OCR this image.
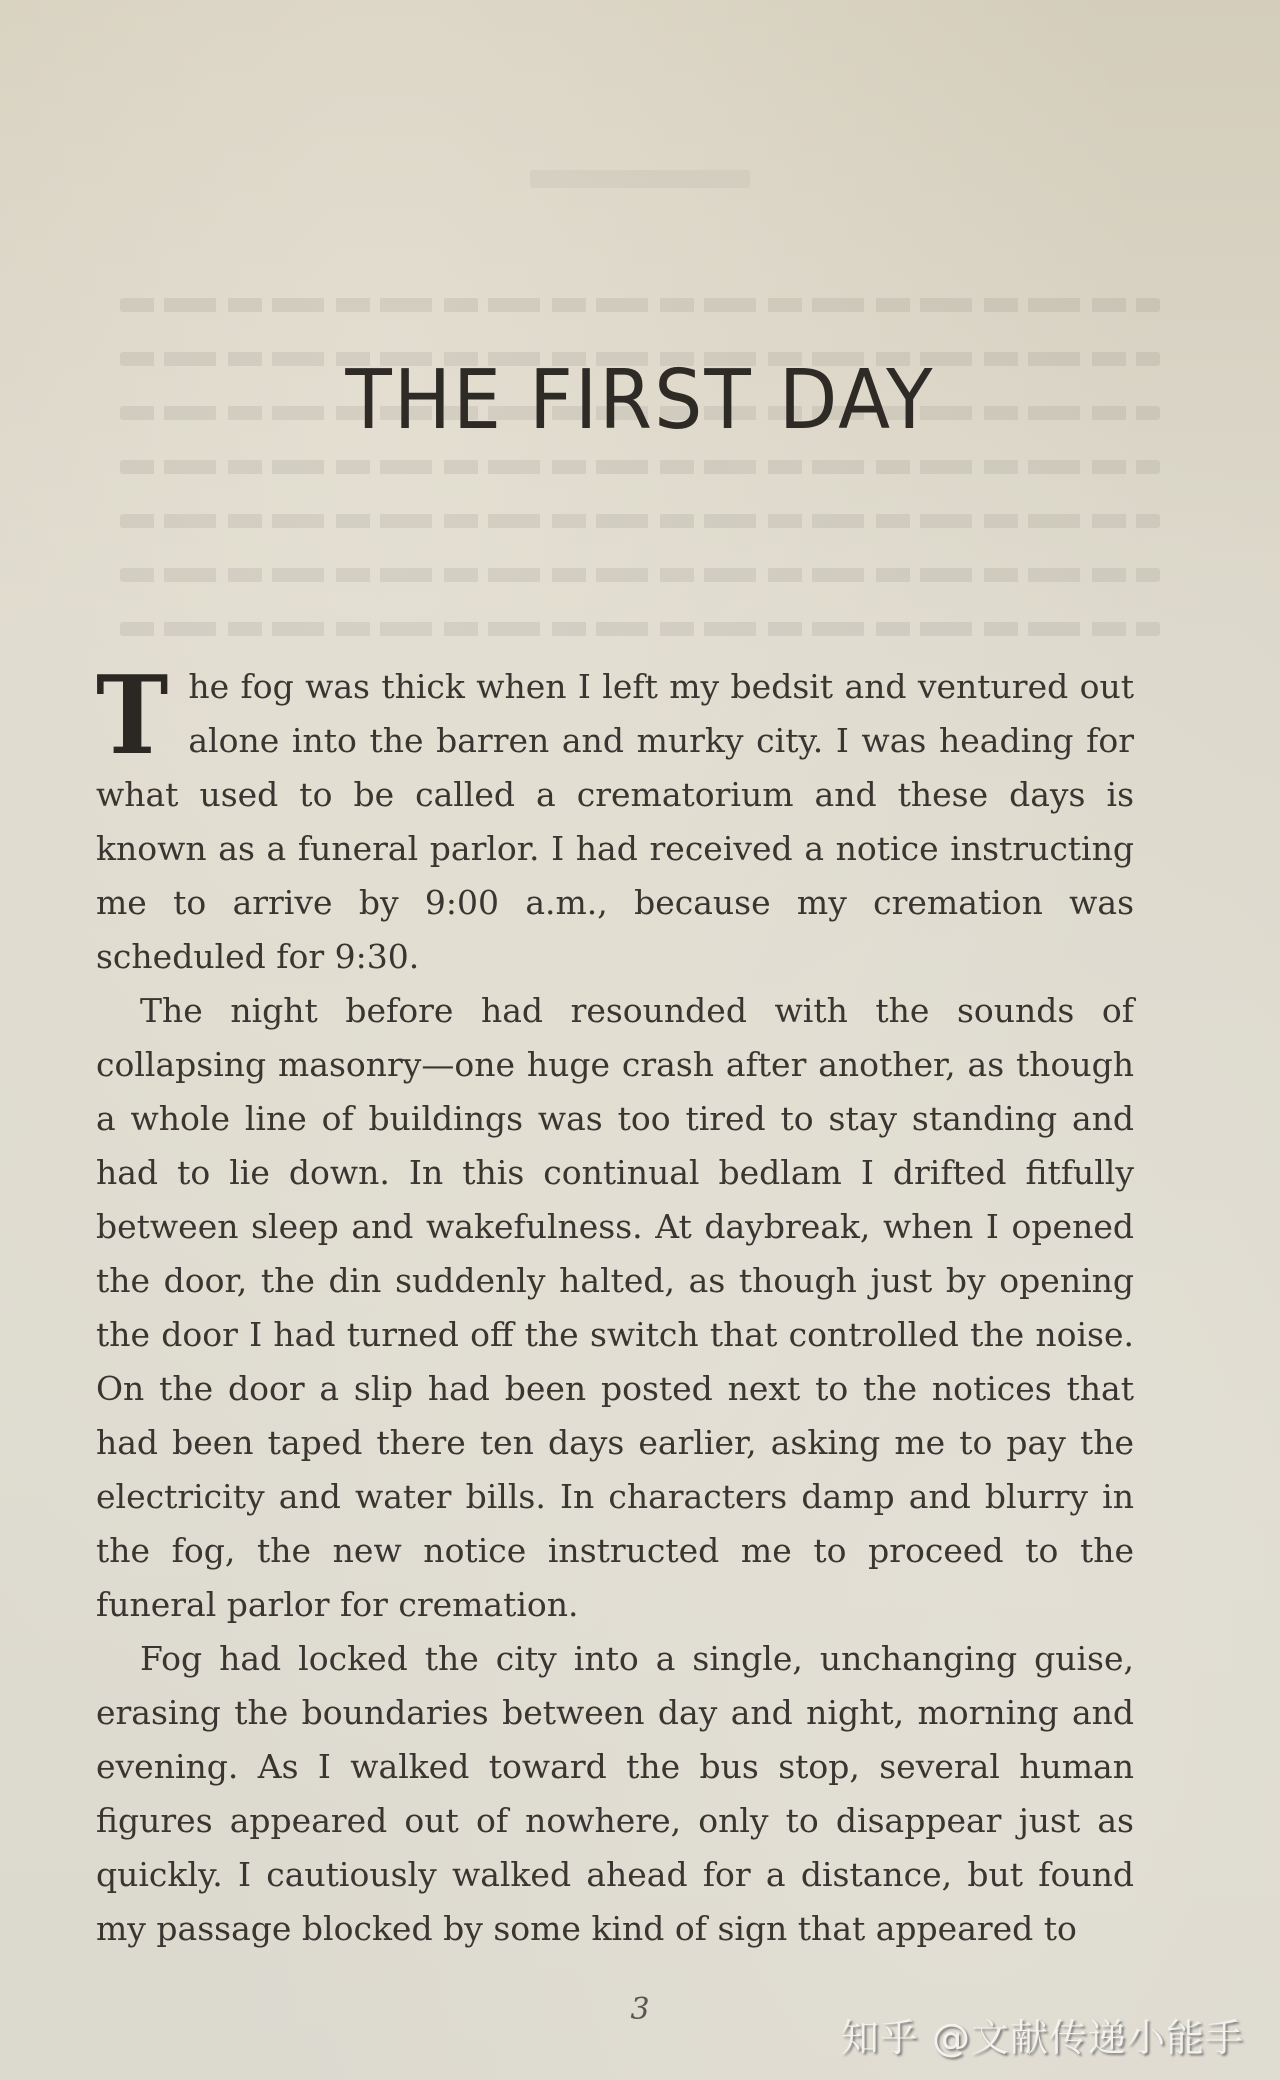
THE FIRST DAY

The fog was thick when I left my bedsit and ventured out alone into the barren and murky city. I was heading for what used to be called a crematorium and these days is known as a funeral parlor. I had received a notice instructing me to arrive by 9:00 a.m., because my cremation was scheduled for 9:30.

The night before had resounded with the sounds of collapsing masonry—one huge crash after another, as though a whole line of buildings was too tired to stay standing and had to lie down. In this continual bedlam I drifted fitfully between sleep and wakefulness. At daybreak, when I opened the door, the din suddenly halted, as though just by opening the door I had turned off the switch that controlled the noise. On the door a slip had been posted next to the notices that had been taped there ten days earlier, asking me to pay the electricity and water bills. In characters damp and blurry in the fog, the new notice instructed me to proceed to the funeral parlor for cremation.

Fog had locked the city into a single, unchanging guise, erasing the boundaries between day and night, morning and evening. As I walked toward the bus stop, several human figures appeared out of nowhere, only to disappear just as quickly. I cautiously walked ahead for a distance, but found my passage blocked by some kind of sign that appeared to

3
知乎 @文献传递小能手
